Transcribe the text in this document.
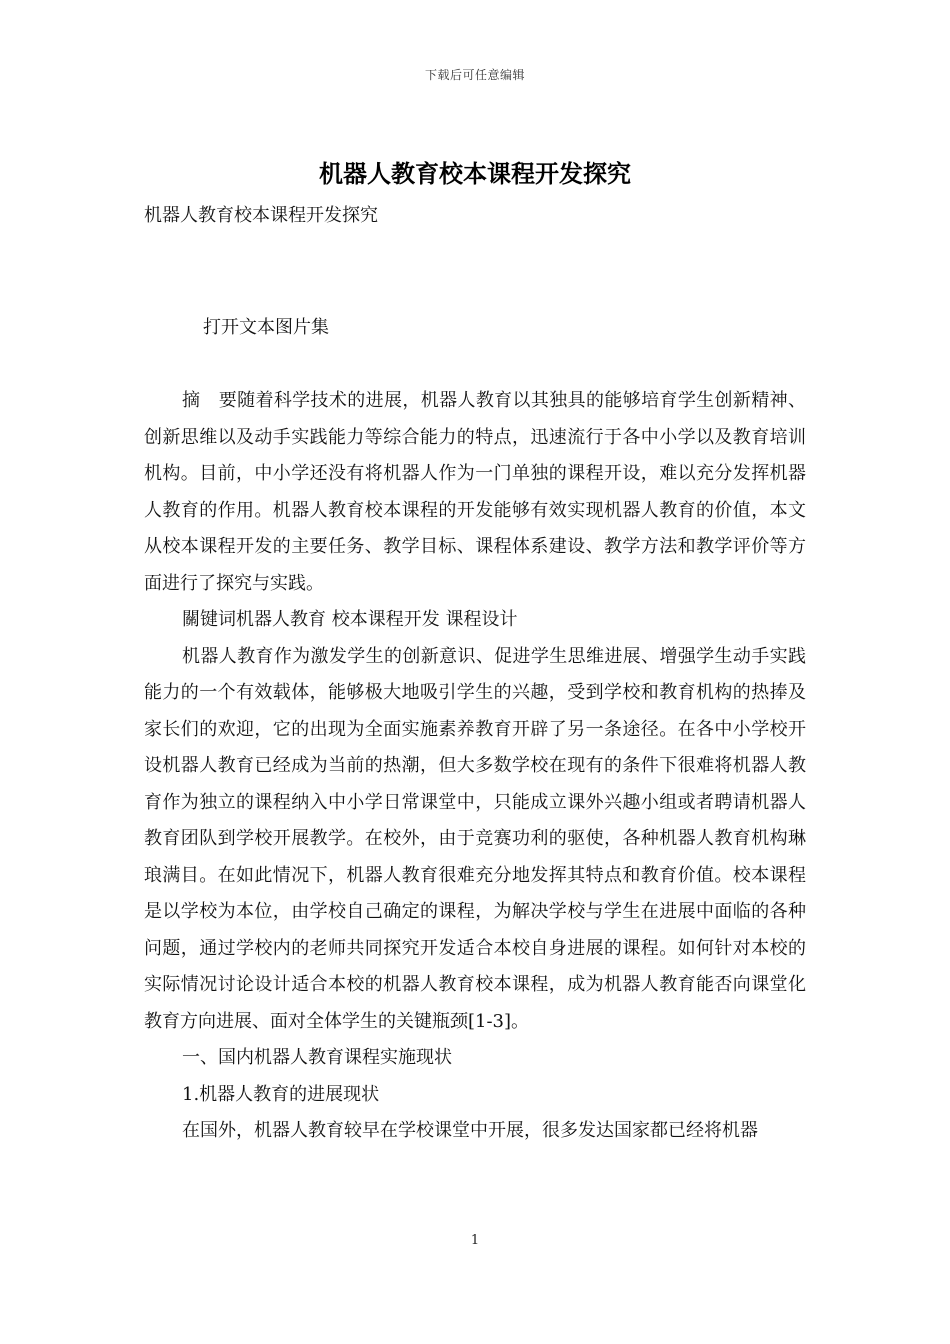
下载后可任意编辑
机器人教育校本课程开发探究
机器人教育校本课程开发探究
打开文本图片集

摘　要随着科学技术的进展，机器人教育以其独具的能够培育学生创新精神、创新思维以及动手实践能力等综合能力的特点，迅速流行于各中小学以及教育培训机构。目前，中小学还没有将机器人作为一门单独的课程开设，难以充分发挥机器人教育的作用。机器人教育校本课程的开发能够有效实现机器人教育的价值，本文从校本课程开发的主要任务、教学目标、课程体系建设、教学方法和教学评价等方面进行了探究与实践。

關键词机器人教育 校本课程开发 课程设计

机器人教育作为激发学生的创新意识、促进学生思维进展、增强学生动手实践能力的一个有效载体，能够极大地吸引学生的兴趣，受到学校和教育机构的热捧及家长们的欢迎，它的出现为全面实施素养教育开辟了另一条途径。在各中小学校开设机器人教育已经成为当前的热潮，但大多数学校在现有的条件下很难将机器人教育作为独立的课程纳入中小学日常课堂中，只能成立课外兴趣小组或者聘请机器人教育团队到学校开展教学。在校外，由于竞赛功利的驱使，各种机器人教育机构琳琅满目。在如此情况下，机器人教育很难充分地发挥其特点和教育价值。校本课程是以学校为本位，由学校自己确定的课程，为解决学校与学生在进展中面临的各种问题，通过学校内的老师共同探究开发适合本校自身进展的课程。如何针对本校的实际情况讨论设计适合本校的机器人教育校本课程，成为机器人教育能否向课堂化教育方向进展、面对全体学生的关键瓶颈[1-3]。

一、国内机器人教育课程实施现状

1.机器人教育的进展现状

在国外，机器人教育较早在学校课堂中开展，很多发达国家都已经将机器

1
